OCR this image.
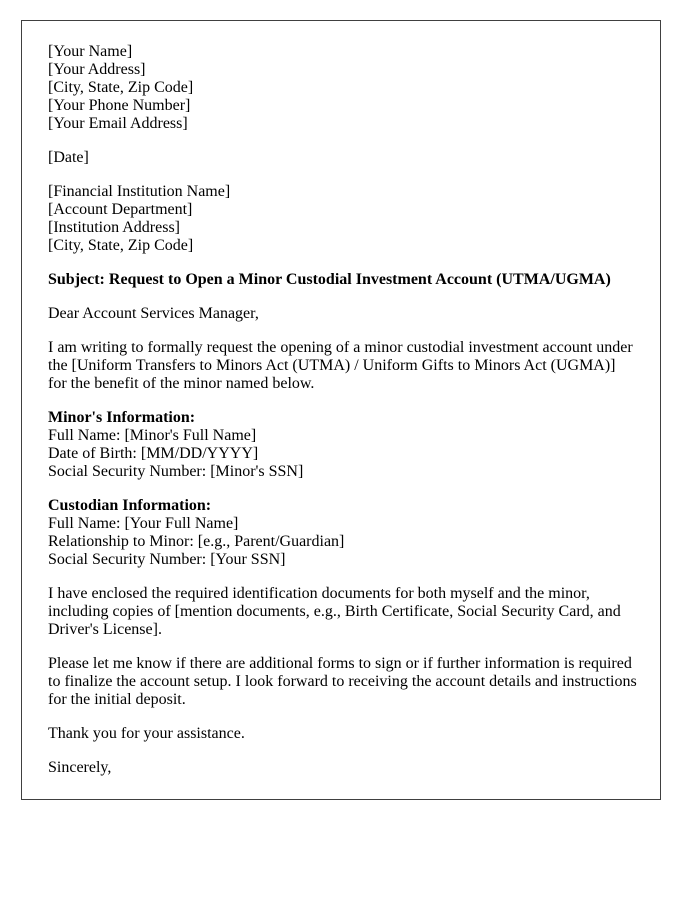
[Your Name]
[Your Address]
[City, State, Zip Code]
[Your Phone Number]
[Your Email Address]

[Date]

[Financial Institution Name]
[Account Department]
[Institution Address]
[City, State, Zip Code]

Subject: Request to Open a Minor Custodial Investment Account (UTMA/UGMA)

Dear Account Services Manager,

I am writing to formally request the opening of a minor custodial investment account under the [Uniform Transfers to Minors Act (UTMA) / Uniform Gifts to Minors Act (UGMA)] for the benefit of the minor named below.

Minor's Information:
Full Name: [Minor's Full Name]
Date of Birth: [MM/DD/YYYY]
Social Security Number: [Minor's SSN]

Custodian Information:
Full Name: [Your Full Name]
Relationship to Minor: [e.g., Parent/Guardian]
Social Security Number: [Your SSN]

I have enclosed the required identification documents for both myself and the minor, including copies of [mention documents, e.g., Birth Certificate, Social Security Card, and Driver's License].

Please let me know if there are additional forms to sign or if further information is required to finalize the account setup. I look forward to receiving the account details and instructions for the initial deposit.

Thank you for your assistance.

Sincerely,
